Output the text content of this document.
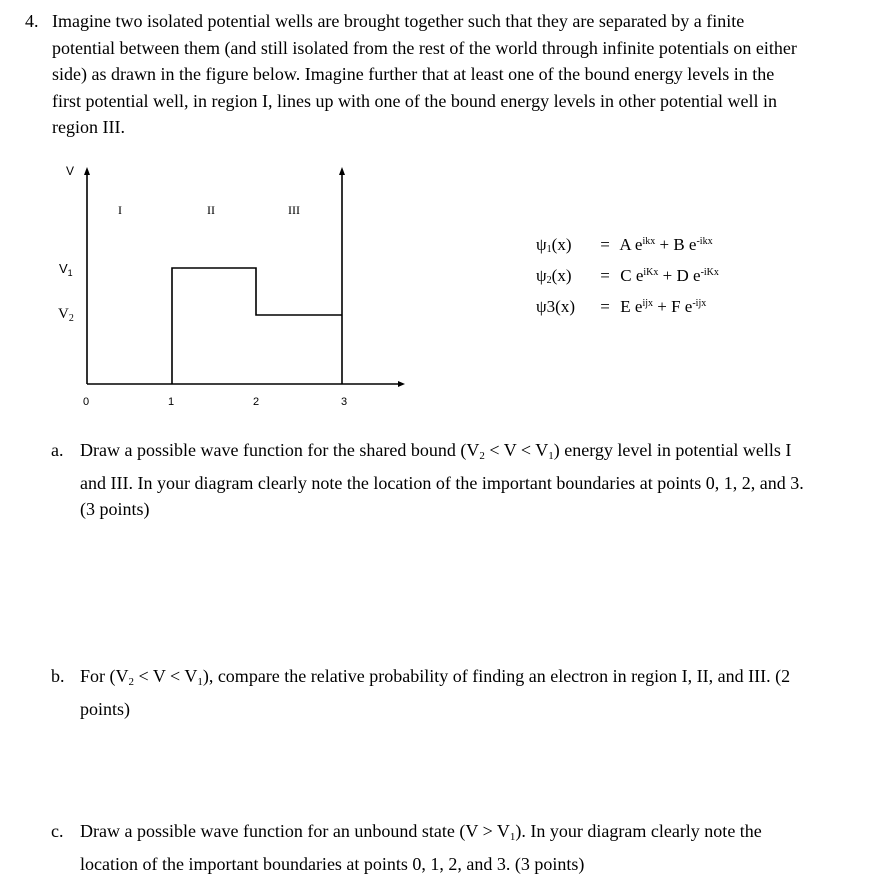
4. Imagine two isolated potential wells are brought together such that they are separated by a finite
potential between them (and still isolated from the rest of the world through infinite potentials on either
side) as drawn in the figure below. Imagine further that at least one of the bound energy levels in the
first potential well, in region I, lines up with one of the bound energy levels in other potential well in
region III.
V
I	II	III
$V_1$
$V_2$
0	1	2	3
$\psi_1(x) = A$ $e^{ikx} + B$ $e^{-ikx}$
$\psi_2(x) = C$ $e^{iKx} + D$ $e^{-iKx}$
ψ3(x) = E $e^{ijx} + F$ $e^{-ijx}$
a. Draw a possible wave function for the shared bound $(V_2 < V < V_1)$ energy level in potential wells I
and III. In your diagram clearly note the location of the important boundaries at points 0, 1, 2, and 3.
(3 points)
b. For $(V_2 < V < V_1)$, compare the relative probability of finding an electron in region I, II, and III. (2
points)
c. Draw a possible wave function for an unbound state $(V > V_1)$. In your diagram clearly note the
location of the important boundaries at points 0, 1, 2, and 3. (3 points)
